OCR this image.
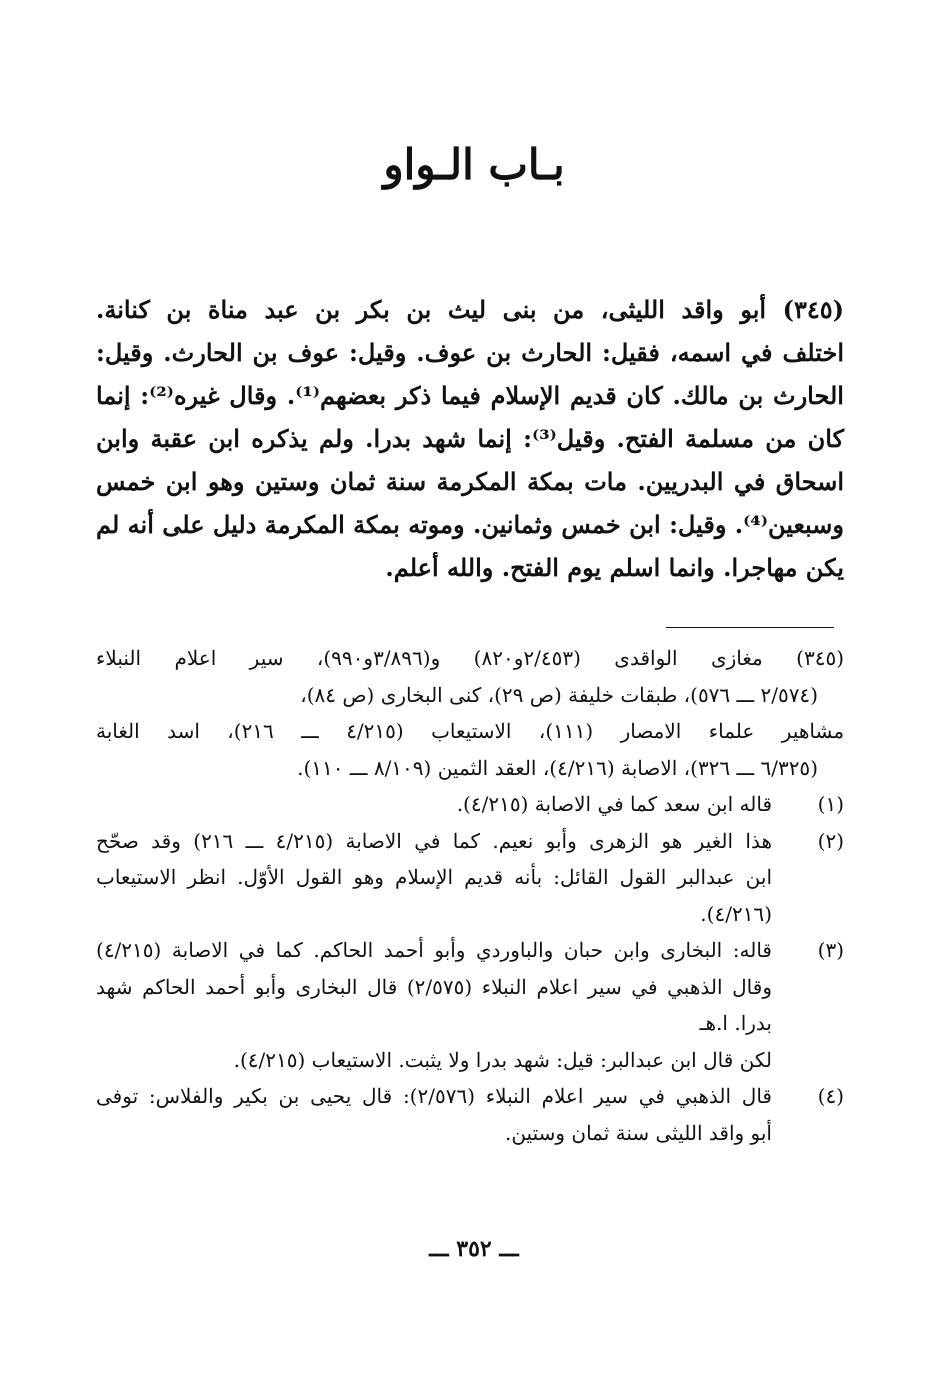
بـاب الـواو
(٣٤٥) أبو واقد الليثى، من بنى ليث بن بكر بن عبد مناة بن كنانة.
اختلف في اسمه، فقيل: الحارث بن عوف. وقيل: عوف بن الحارث. وقيل:
الحارث بن مالك. كان قديم الإسلام فيما ذكر بعضهم⁽¹⁾. وقال غيره⁽²⁾: إنما
كان من مسلمة الفتح. وقيل⁽³⁾: إنما شهد بدرا. ولم يذكره ابن عقبة وابن
اسحاق في البدريين. مات بمكة المكرمة سنة ثمان وستين وهو ابن خمس
وسبعين⁽⁴⁾. وقيل: ابن خمس وثمانين. وموته بمكة المكرمة دليل على أنه لم
يكن مهاجرا. وانما اسلم يوم الفتح. والله أعلم.
(٣٤٥) مغازى الواقدى (٢/٤٥٣و٨٢٠) و(٣/٨٩٦و٩٩٠)، سير اعلام النبلاء
(٢/٥٧٤ ـــ ٥٧٦)، طبقات خليفة (ص ٢٩)، كنى البخارى (ص ٨٤)،
مشاهير علماء الامصار (١١١)، الاستيعاب (٤/٢١٥ ـــ ٢١٦)، اسد الغابة
(٦/٣٢٥ ـــ ٣٢٦)، الاصابة (٤/٢١٦)، العقد الثمين (٨/١٠٩ ـــ ١١٠).
(١)
قاله ابن سعد كما في الاصابة (٤/٢١٥).
(٢)
هذا الغير هو الزهرى وأبو نعيم. كما في الاصابة (٤/٢١٥ ـــ ٢١٦) وقد صحّح
ابن عبدالبر القول القائل: بأنه قديم الإسلام وهو القول الأوّل. انظر الاستيعاب
(٤/٢١٦).
(٣)
قاله: البخارى وابن حبان والباوردي وأبو أحمد الحاكم. كما في الاصابة (٤/٢١٥)
وقال الذهبي في سير اعلام النبلاء (٢/٥٧٥) قال البخارى وأبو أحمد الحاكم شهد
بدرا. ا.هـ
لكن قال ابن عبدالبر: قيل: شهد بدرا ولا يثبت. الاستيعاب (٤/٢١٥).
(٤)
قال الذهبي في سير اعلام النبلاء (٢/٥٧٦): قال يحيى بن بكير والفلاس: توفى
أبو واقد الليثى سنة ثمان وستين.
ـــ ٣٥٢ ـــ
